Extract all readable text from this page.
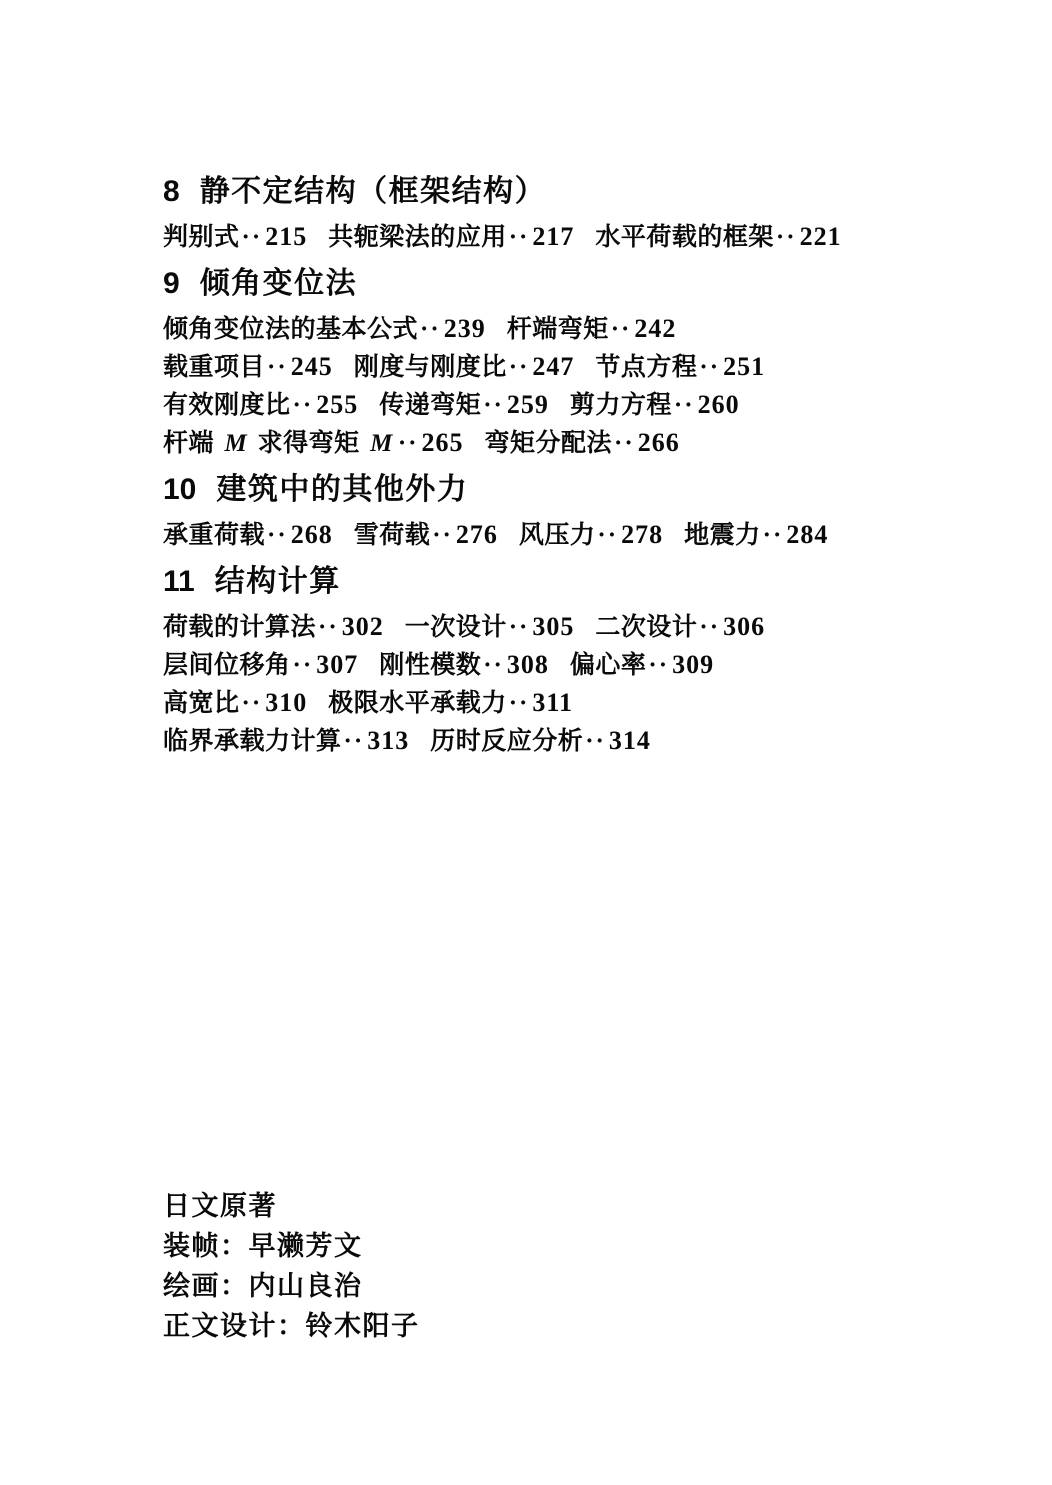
8 静不定结构（框架结构）
判别式·· 215 共轭梁法的应用·· 217 水平荷载的框架·· 221
9 倾角变位法
倾角变位法的基本公式·· 239 杆端弯矩·· 242
载重项目·· 245 刚度与刚度比·· 247 节点方程·· 251
有效刚度比·· 255 传递弯矩·· 259 剪力方程·· 260
杆端 M 求得弯矩 M ·· 265 弯矩分配法·· 266
10 建筑中的其他外力
承重荷载·· 268 雪荷载·· 276 风压力·· 278 地震力·· 284
11 结构计算
荷载的计算法·· 302 一次设计·· 305 二次设计·· 306
层间位移角·· 307 刚性模数·· 308 偏心率·· 309
高宽比·· 310 极限水平承载力·· 311
临界承载力计算·· 313 历时反应分析·· 314
日文原著
装帧：早濑芳文
绘画：内山良治
正文设计：铃木阳子
